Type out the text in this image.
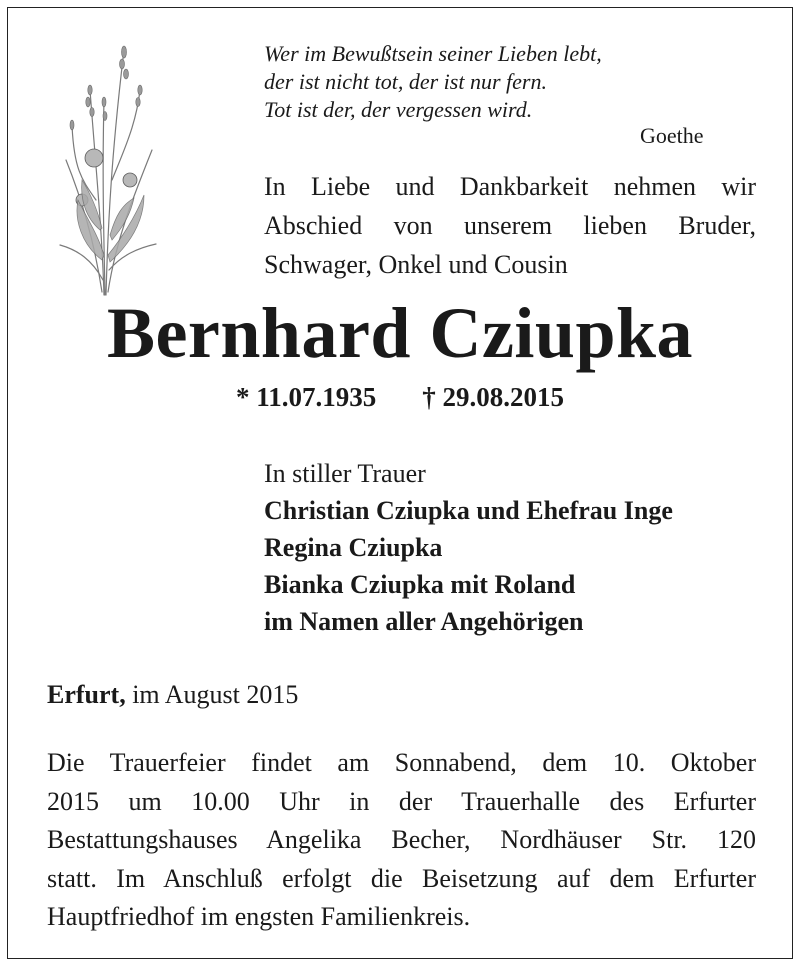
Wer im Bewußtsein seiner Lieben lebt,
der ist nicht tot, der ist nur fern.
Tot ist der, der vergessen wird.
Goethe
In Liebe und Dankbarkeit nehmen wir
Abschied von unserem lieben Bruder,
Schwager, Onkel und Cousin
Bernhard Cziupka
* 11.07.1935 † 29.08.2015
In stiller Trauer
Christian Cziupka und Ehefrau Inge
Regina Cziupka
Bianka Cziupka mit Roland
im Namen aller Angehörigen
Erfurt, im August 2015
Die Trauerfeier findet am Sonnabend, dem 10. Oktober
2015 um 10.00 Uhr in der Trauerhalle des Erfurter
Bestattungshauses Angelika Becher, Nordhäuser Str. 120
statt. Im Anschluß erfolgt die Beisetzung auf dem Erfurter
Hauptfriedhof im engsten Familienkreis.
